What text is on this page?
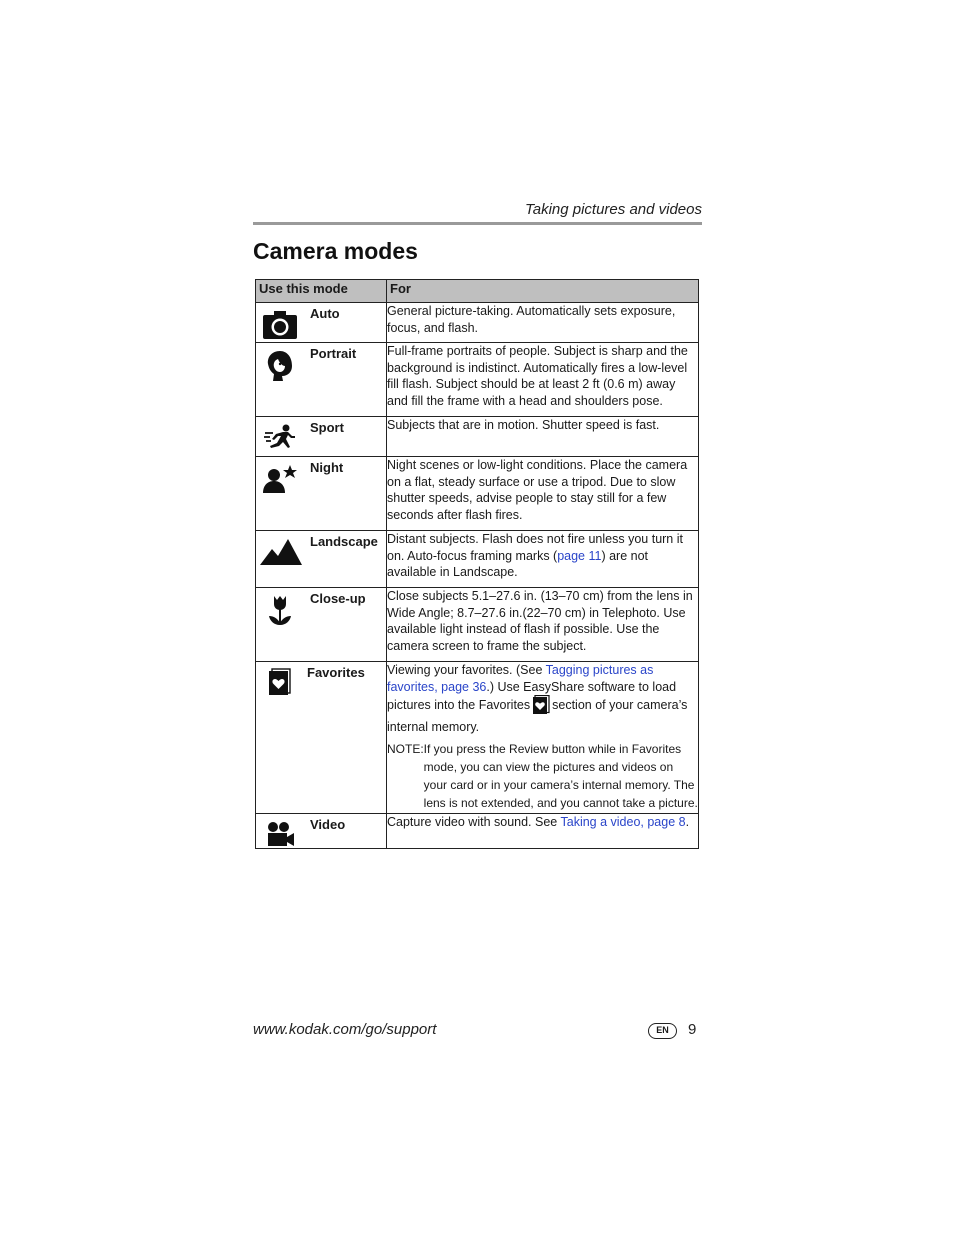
Taking pictures and videos
Camera modes
Use this mode	For

Auto	General picture-taking. Automatically sets exposure, focus, and flash.

Portrait	Full-frame portraits of people. Subject is sharp and the background is indistinct. Automatically fires a low-level fill flash. Subject should be at least 2 ft (0.6 m) away and fill the frame with a head and shoulders pose.

Sport	Subjects that are in motion. Shutter speed is fast.

Night	Night scenes or low-light conditions. Place the camera on a flat, steady surface or use a tripod. Due to slow shutter speeds, advise people to stay still for a few seconds after flash fires.

Landscape	Distant subjects. Flash does not fire unless you turn it on. Auto-focus framing marks (page 11) are not available in Landscape.

Close-up	Close subjects 5.1–27.6 in. (13–70 cm) from the lens in Wide Angle; 8.7–27.6 in.(22–70 cm) in Telephoto. Use available light instead of flash if possible. Use the camera screen to frame the subject.

Favorites	Viewing your favorites. (See Tagging pictures as favorites, page 36.) Use EasyShare software to load pictures into the Favorites section of your camera’s internal memory.
NOTE: If you press the Review button while in Favorites mode, you can view the pictures and videos on your card or in your camera’s internal memory. The lens is not extended, and you cannot take a picture.

Video	Capture video with sound. See Taking a video, page 8.
www.kodak.com/go/support	EN	9
